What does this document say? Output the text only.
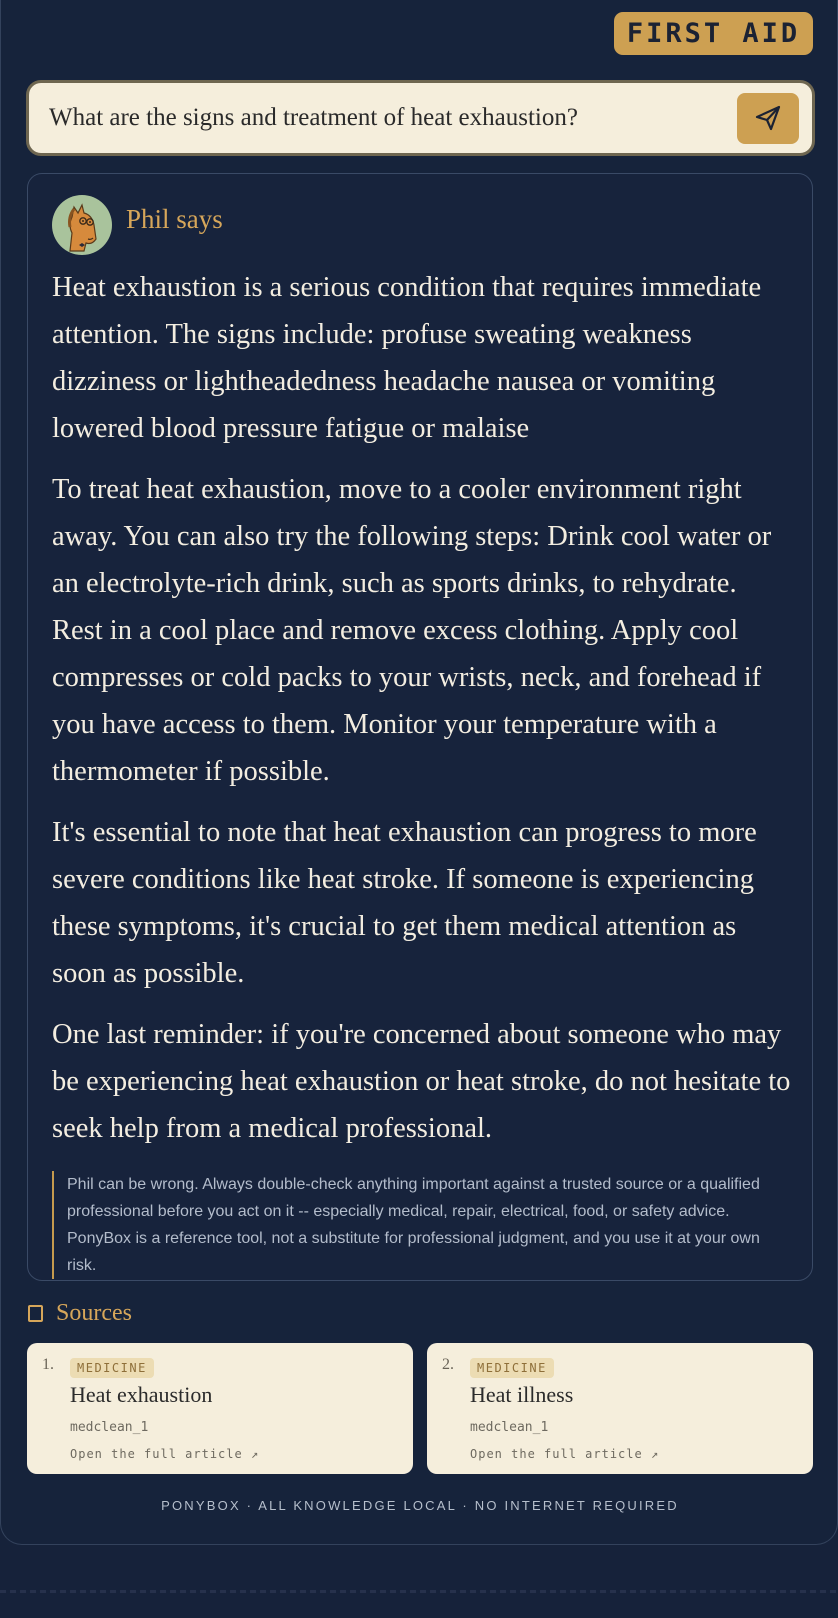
FIRST AID
What are the signs and treatment of heat exhaustion?
Phil says

Heat exhaustion is a serious condition that requires immediate attention. The signs include: profuse sweating weakness dizziness or lightheadedness headache nausea or vomiting lowered blood pressure fatigue or malaise

To treat heat exhaustion, move to a cooler environment right away. You can also try the following steps: Drink cool water or an electrolyte-rich drink, such as sports drinks, to rehydrate. Rest in a cool place and remove excess clothing. Apply cool compresses or cold packs to your wrists, neck, and forehead if you have access to them. Monitor your temperature with a thermometer if possible.

It's essential to note that heat exhaustion can progress to more severe conditions like heat stroke. If someone is experiencing these symptoms, it's crucial to get them medical attention as soon as possible.

One last reminder: if you're concerned about someone who may be experiencing heat exhaustion or heat stroke, do not hesitate to seek help from a medical professional.

Phil can be wrong. Always double-check anything important against a trusted source or a qualified professional before you act on it -- especially medical, repair, electrical, food, or safety advice. PonyBox is a reference tool, not a substitute for professional judgment, and you use it at your own risk.
Sources
1.	MEDICINE
Heat exhaustion
medclean_1
Open the full article ↗
2.	MEDICINE
Heat illness
medclean_1
Open the full article ↗
PONYBOX · ALL KNOWLEDGE LOCAL · NO INTERNET REQUIRED
